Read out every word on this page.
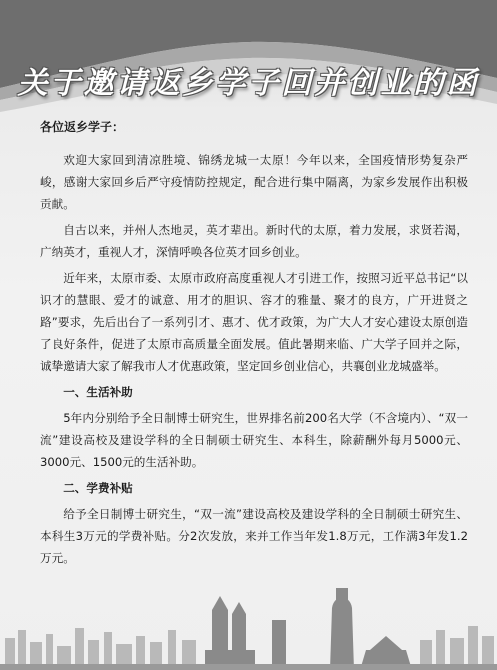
关于邀请返乡学子回并创业的函
各位返乡学子：

欢迎大家回到清凉胜境、锦绣龙城一太原！今年以来，全国疫情形势复杂严峻，感谢大家回乡后严守疫情防控规定，配合进行集中隔离，为家乡发展作出积极贡献。

自古以来，并州人杰地灵，英才辈出。新时代的太原，着力发展，求贤若渴，广纳英才，重视人才，深情呼唤各位英才回乡创业。

近年来，太原市委、太原市政府高度重视人才引进工作，按照习近平总书记“以识才的慧眼、爱才的诚意、用才的胆识、容才的雅量、聚才的良方，广开进贤之路”要求，先后出台了一系列引才、惠才、优才政策，为广大人才安心建设太原创造了良好条件，促进了太原市高质量全面发展。值此暑期来临、广大学子回并之际，诚挚邀请大家了解我市人才优惠政策，坚定回乡创业信心，共襄创业龙城盛举。

一、生活补助

5年内分别给予全日制博士研究生，世界排名前200名大学（不含境内）、“双一流”建设高校及建设学科的全日制硕士研究生、本科生，除薪酬外每月5000元、3000元、1500元的生活补助。

二、学费补贴

给予全日制博士研究生，“双一流”建设高校及建设学科的全日制硕士研究生、本科生3万元的学费补贴。分2次发放，来并工作当年发1.8万元，工作满3年发1.2万元。
